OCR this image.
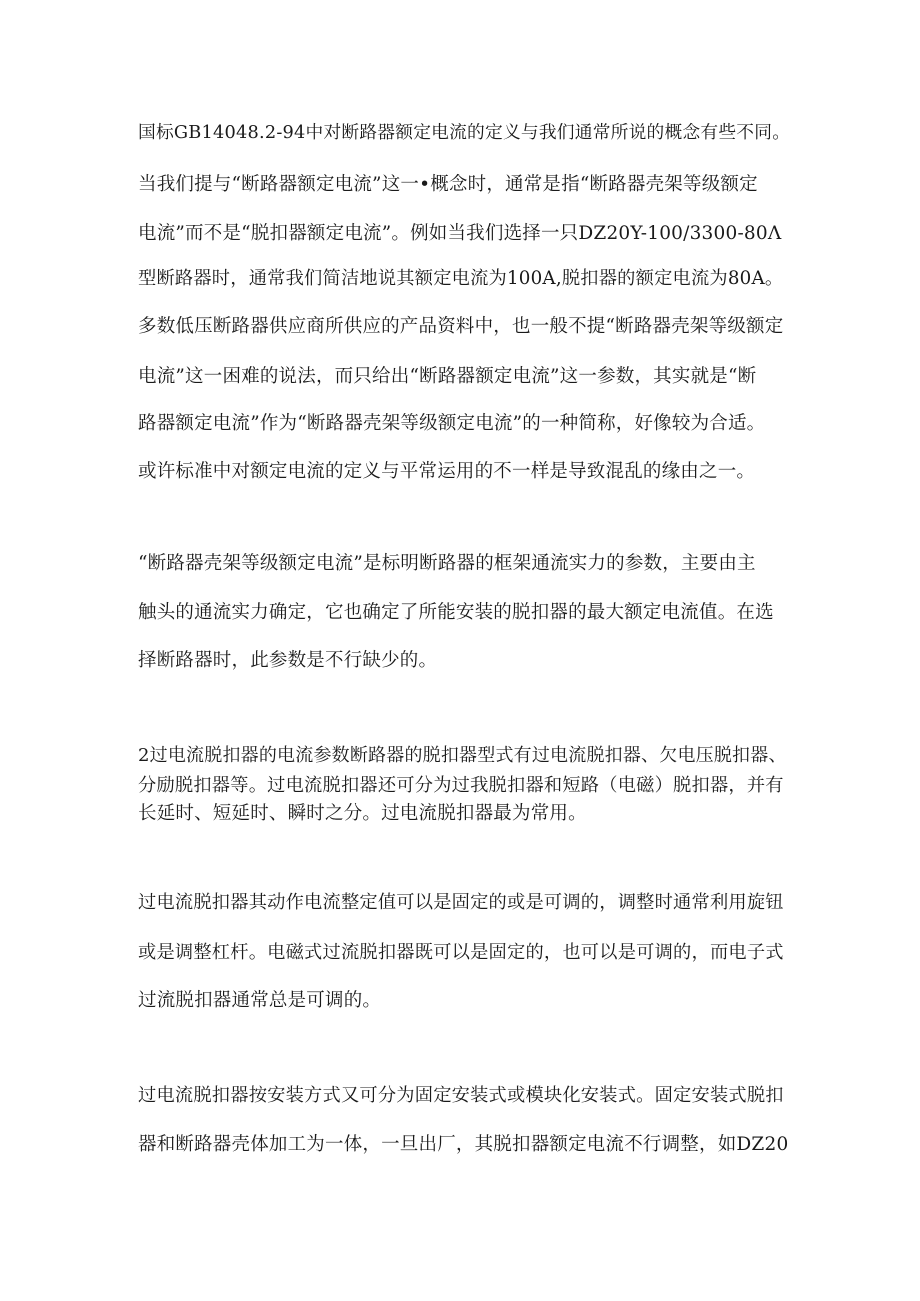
国标GB14048.2-94中对断路器额定电流的定义与我们通常所说的概念有些不同。
当我们提与“断路器额定电流”这一•概念时，通常是指“断路器壳架等级额定
电流”而不是“脱扣器额定电流”。例如当我们选择一只DZ20Y-100/3300-80Λ
型断路器时，通常我们简洁地说其额定电流为100A,脱扣器的额定电流为80A。
多数低压断路器供应商所供应的产品资料中，也一般不提“断路器壳架等级额定
电流”这一困难的说法，而只给出“断路器额定电流”这一参数，其实就是“断
路器额定电流”作为“断路器壳架等级额定电流”的一种简称，好像较为合适。
或许标准中对额定电流的定义与平常运用的不一样是导致混乱的缘由之一。
“断路器壳架等级额定电流”是标明断路器的框架通流实力的参数，主要由主
触头的通流实力确定，它也确定了所能安装的脱扣器的最大额定电流值。在选
择断路器时，此参数是不行缺少的。
2过电流脱扣器的电流参数断路器的脱扣器型式有过电流脱扣器、欠电压脱扣器、
分励脱扣器等。过电流脱扣器还可分为过我脱扣器和短路（电磁）脱扣器，并有
长延时、短延时、瞬时之分。过电流脱扣器最为常用。
过电流脱扣器其动作电流整定值可以是固定的或是可调的，调整时通常利用旋钮
或是调整杠杆。电磁式过流脱扣器既可以是固定的，也可以是可调的，而电子式
过流脱扣器通常总是可调的。
过电流脱扣器按安装方式又可分为固定安装式或模块化安装式。固定安装式脱扣
器和断路器壳体加工为一体，一旦出厂，其脱扣器额定电流不行调整，如DZ20
